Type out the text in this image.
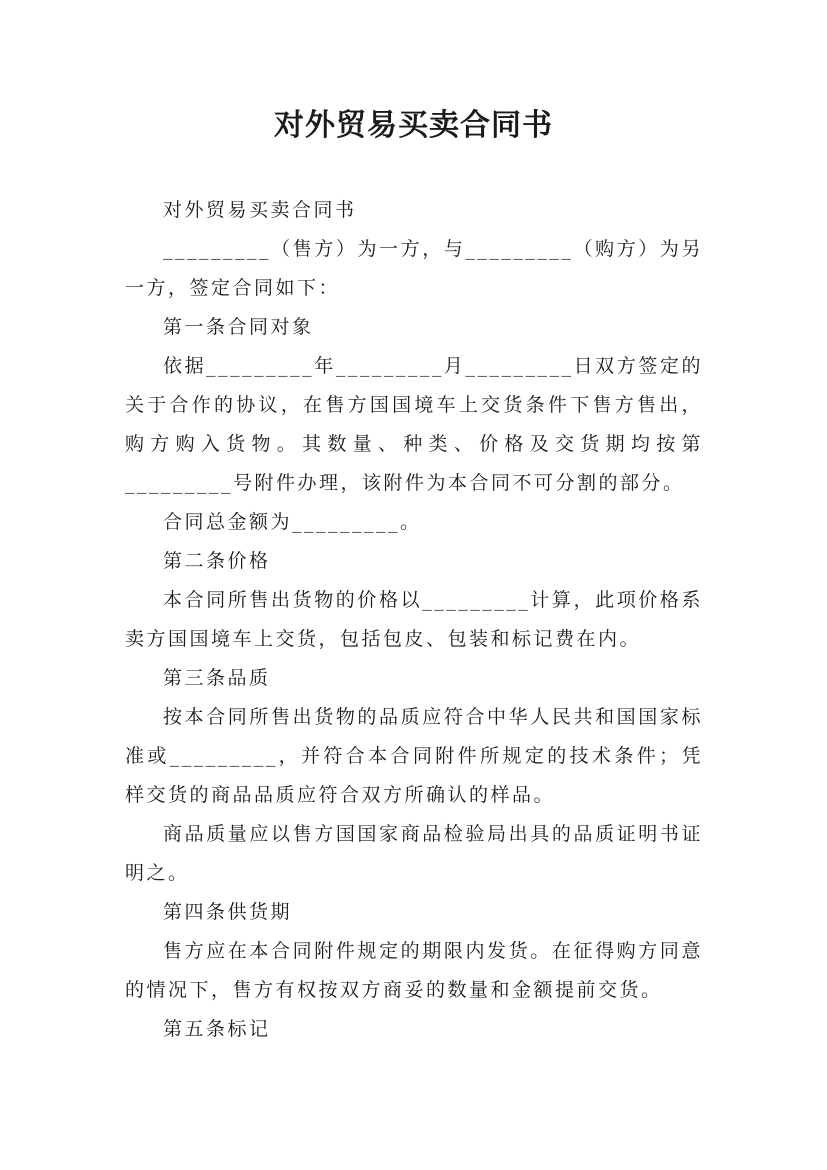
对外贸易买卖合同书

对外贸易买卖合同书

_________（售方）为一方，与_________（购方）为另一方，签定合同如下：

第一条合同对象

依据_________年_________月_________日双方签定的关于合作的协议，在售方国国境车上交货条件下售方售出，购方购入货物。其数量、种类、价格及交货期均按第_________号附件办理，该附件为本合同不可分割的部分。

合同总金额为_________。

第二条价格

本合同所售出货物的价格以_________计算，此项价格系卖方国国境车上交货，包括包皮、包装和标记费在内。

第三条品质

按本合同所售出货物的品质应符合中华人民共和国国家标准或_________，并符合本合同附件所规定的技术条件；凭样交货的商品品质应符合双方所确认的样品。

商品质量应以售方国国家商品检验局出具的品质证明书证明之。

第四条供货期

售方应在本合同附件规定的期限内发货。在征得购方同意的情况下，售方有权按双方商妥的数量和金额提前交货。

第五条标记
